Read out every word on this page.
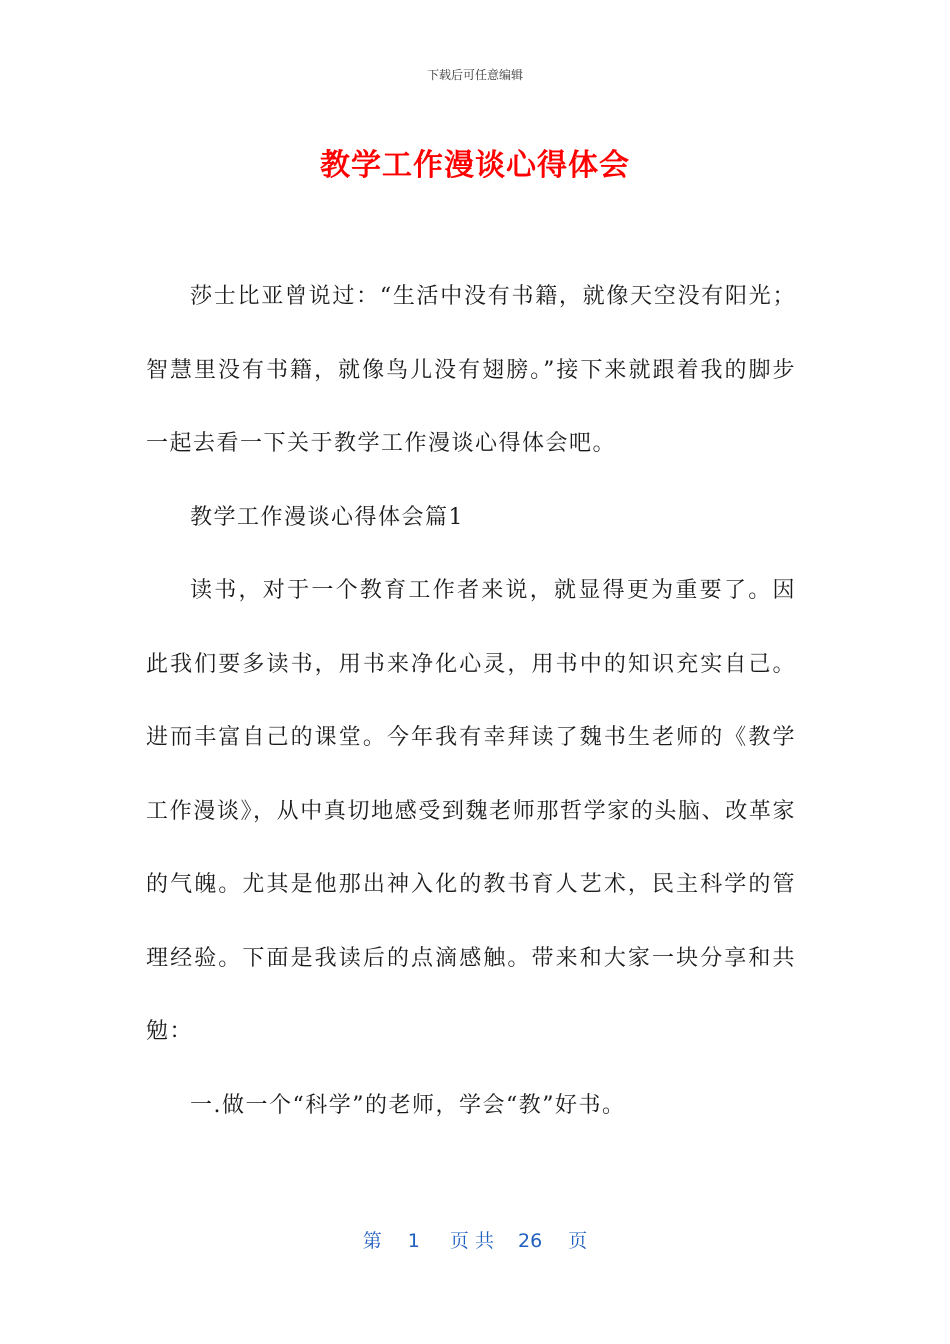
下载后可任意编辑
教学工作漫谈心得体会

莎士比亚曾说过：“生活中没有书籍，就像天空没有阳光；智慧里没有书籍，就像鸟儿没有翅膀。”接下来就跟着我的脚步一起去看一下关于教学工作漫谈心得体会吧。

教学工作漫谈心得体会篇1

读书，对于一个教育工作者来说，就显得更为重要了。因此我们要多读书，用书来净化心灵，用书中的知识充实自己。进而丰富自己的课堂。今年我有幸拜读了魏书生老师的《教学工作漫谈》，从中真切地感受到魏老师那哲学家的头脑、改革家的气魄。尤其是他那出神入化的教书育人艺术，民主科学的管理经验。下面是我读后的点滴感触。带来和大家一块分享和共勉：

一.做一个“科学”的老师，学会“教”好书。

第 1 页 共 26 页
